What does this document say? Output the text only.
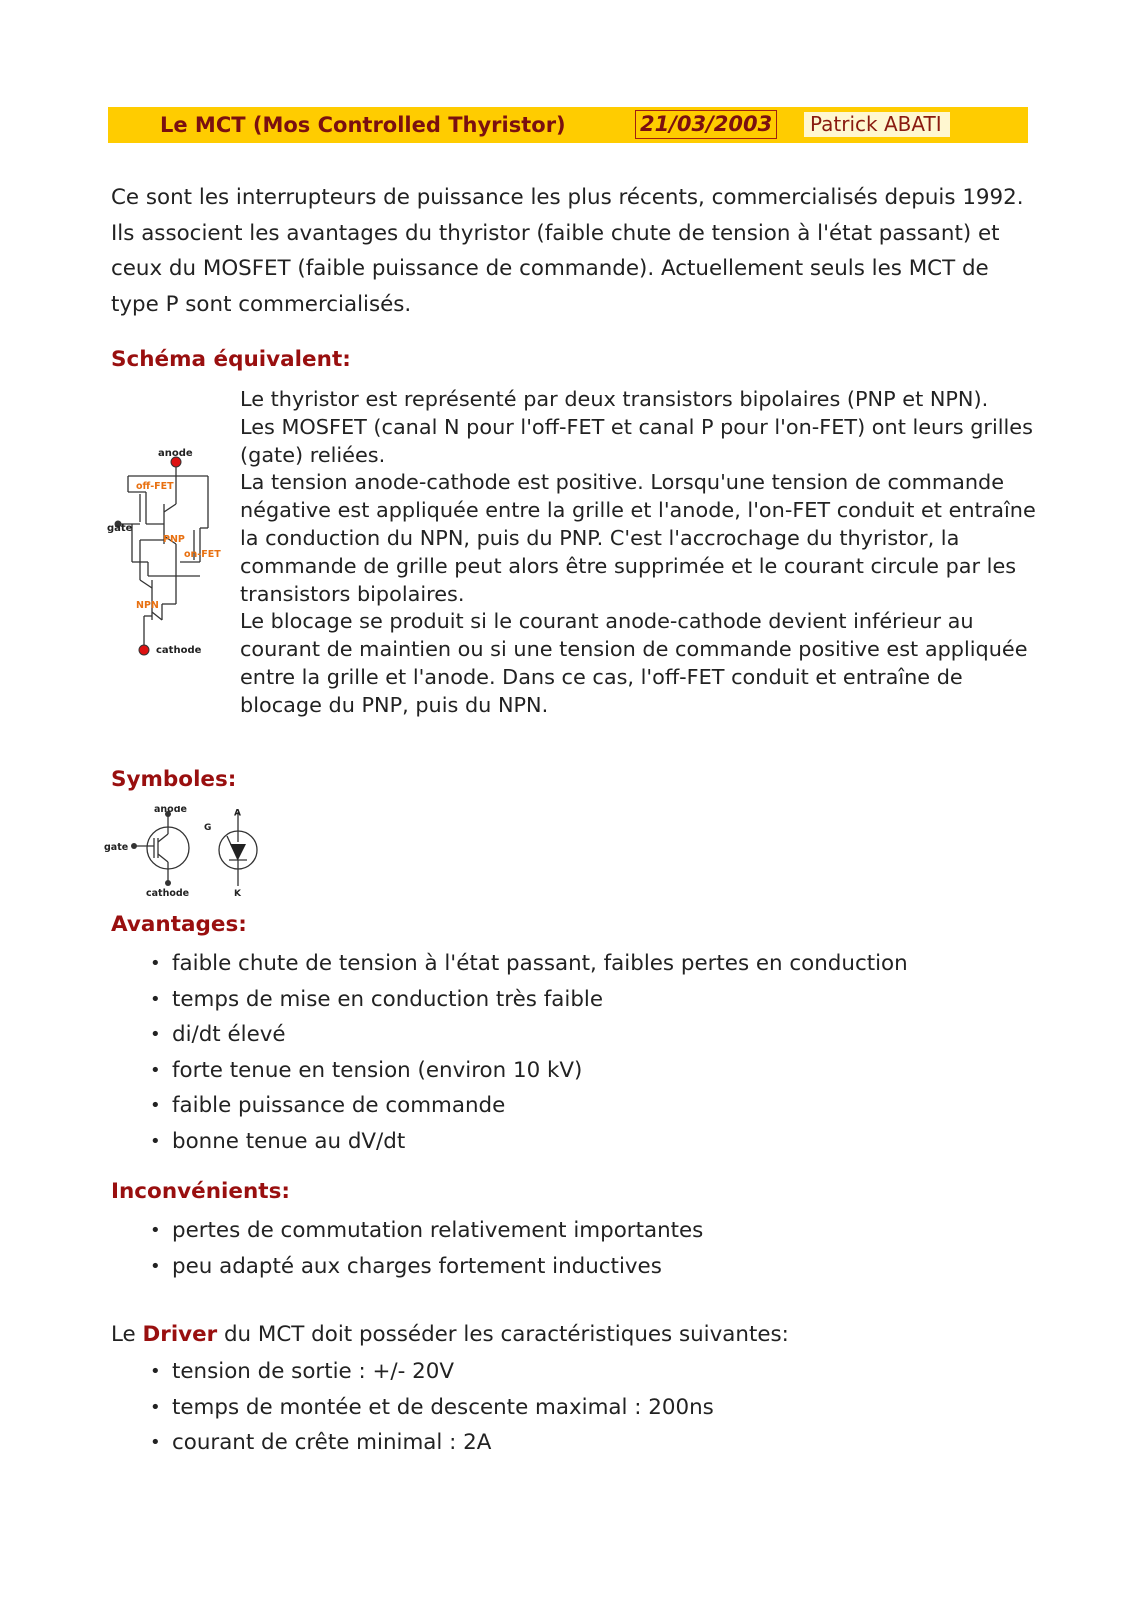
Le MCT (Mos Controlled Thyristor)	21/03/2003	Patrick ABATI

Ce sont les interrupteurs de puissance les plus récents, commercialisés depuis 1992. Ils associent les avantages du thyristor (faible chute de tension à l'état passant) et ceux du MOSFET (faible puissance de commande). Actuellement seuls les MCT de type P sont commercialisés.

Schéma équivalent:
anode
off-FET
gate
PNP
on-FET
NPN
cathode

Le thyristor est représenté par deux transistors bipolaires (PNP et NPN).

Les MOSFET (canal N pour l'off-FET et canal P pour l'on-FET) ont leurs grilles (gate) reliées.

La tension anode-cathode est positive. Lorsqu'une tension de commande négative est appliquée entre la grille et l'anode, l'on-FET conduit et entraîne la conduction du NPN, puis du PNP. C'est l'accrochage du thyristor, la commande de grille peut alors être supprimée et le courant circule par les transistors bipolaires.

Le blocage se produit si le courant anode-cathode devient inférieur au courant de maintien ou si une tension de commande positive est appliquée entre la grille et l'anode. Dans ce cas, l'off-FET conduit et entraîne de blocage du PNP, puis du NPN.

Symboles:
anode
gate
cathode
A
G
K
Avantages:
• faible chute de tension à l'état passant, faibles pertes en conduction
• temps de mise en conduction très faible
• di/dt élevé
• forte tenue en tension (environ 10 kV)
• faible puissance de commande
• bonne tenue au dV/dt
Inconvénients:
• pertes de commutation relativement importantes
• peu adapté aux charges fortement inductives

Le Driver du MCT doit posséder les caractéristiques suivantes:

• tension de sortie : +/- 20V
• temps de montée et de descente maximal : 200ns
• courant de crête minimal : 2A
